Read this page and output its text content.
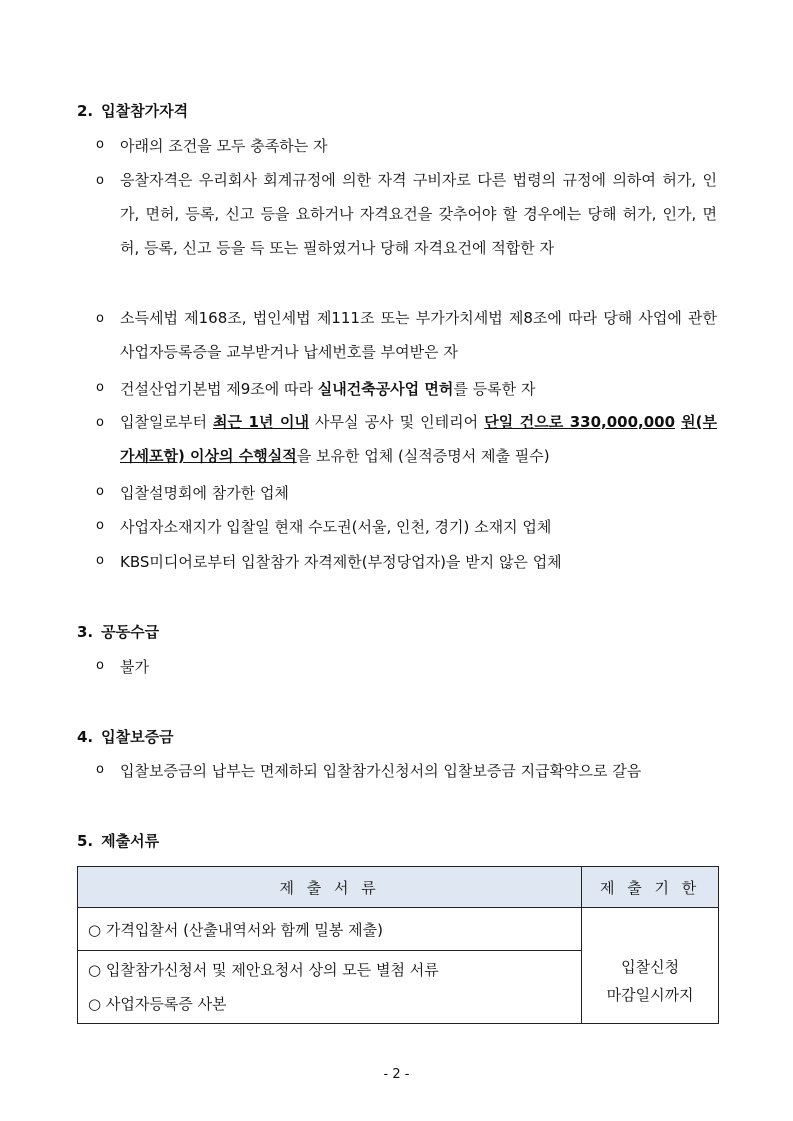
2. 입찰참가자격
o 아래의 조건을 모두 충족하는 자
o 응찰자격은 우리회사 회계규정에 의한 자격 구비자로 다른 법령의 규정에 의하여 허가, 인가, 면허, 등록, 신고 등을 요하거나 자격요건을 갖추어야 할 경우에는 당해 허가, 인가, 면허, 등록, 신고 등을 득 또는 필하였거나 당해 자격요건에 적합한 자
o 소득세법 제168조, 법인세법 제111조 또는 부가가치세법 제8조에 따라 당해 사업에 관한 사업자등록증을 교부받거나 납세번호를 부여받은 자
o 건설산업기본법 제9조에 따라 실내건축공사업 면허를 등록한 자
o 입찰일로부터 최근 1년 이내 사무실 공사 및 인테리어 단일 건으로 330,000,000 원(부가세포함) 이상의 수행실적을 보유한 업체 (실적증명서 제출 필수)
o 입찰설명회에 참가한 업체
o 사업자소재지가 입찰일 현재 수도권(서울, 인천, 경기) 소재지 업체
o KBS미디어로부터 입찰참가 자격제한(부정당업자)을 받지 않은 업체
3. 공동수급
o 불가
4. 입찰보증금
o 입찰보증금의 납부는 면제하되 입찰참가신청서의 입찰보증금 지급확약으로 갈음
5. 제출서류
제 출 서 류	제 출 기 한
○ 가격입찰서 (산출내역서와 함께 밀봉 제출)	입찰신청
마감일시까지

○ 입찰참가신청서 및 제안요청서 상의 모든 별첨 서류
○ 사업자등록증 사본	
- 2 -
